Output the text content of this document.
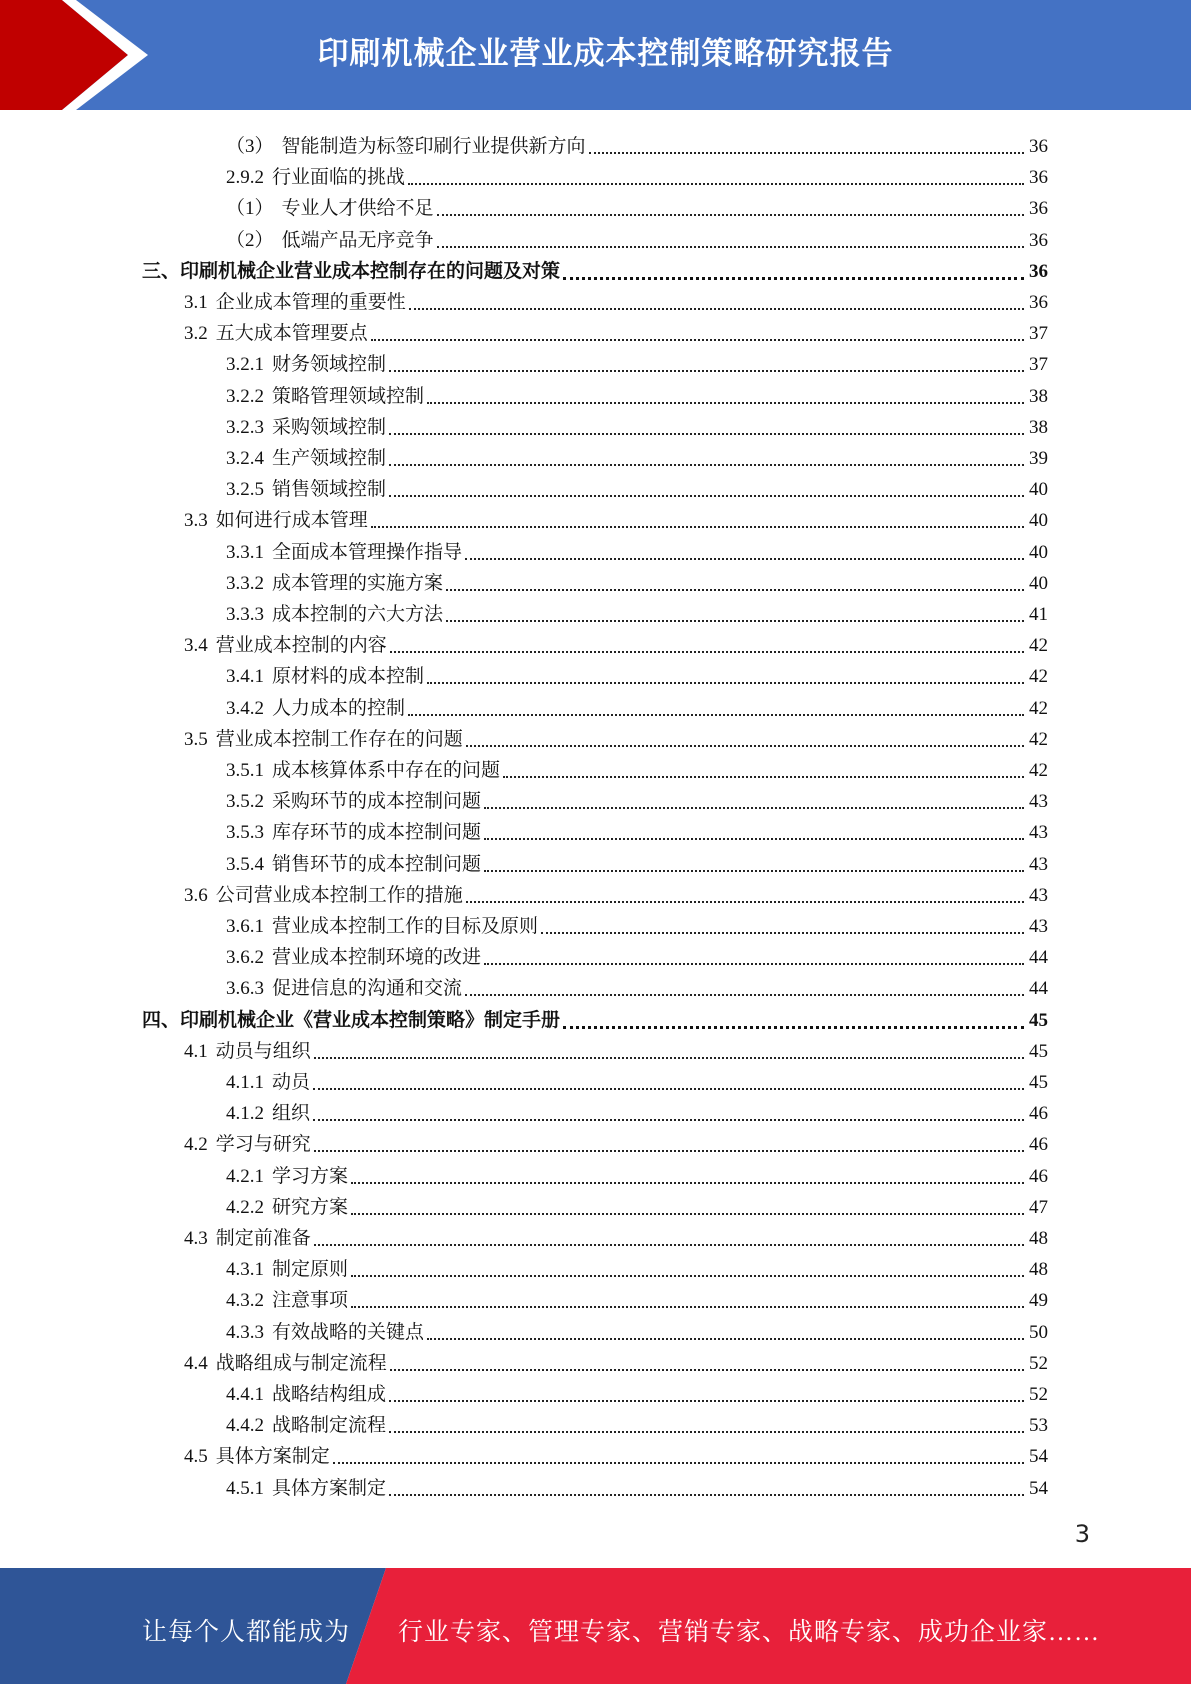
印刷机械企业营业成本控制策略研究报告
（3） 智能制造为标签印刷行业提供新方向	36
2.9.2 行业面临的挑战	36
（1） 专业人才供给不足	36
（2） 低端产品无序竞争	36
三、印刷机械企业营业成本控制存在的问题及对策	36
3.1 企业成本管理的重要性	36
3.2 五大成本管理要点	37
3.2.1 财务领域控制	37
3.2.2 策略管理领域控制	38
3.2.3 采购领域控制	38
3.2.4 生产领域控制	39
3.2.5 销售领域控制	40
3.3 如何进行成本管理	40
3.3.1 全面成本管理操作指导	40
3.3.2 成本管理的实施方案	40
3.3.3 成本控制的六大方法	41
3.4 营业成本控制的内容	42
3.4.1 原材料的成本控制	42
3.4.2 人力成本的控制	42
3.5 营业成本控制工作存在的问题	42
3.5.1 成本核算体系中存在的问题	42
3.5.2 采购环节的成本控制问题	43
3.5.3 库存环节的成本控制问题	43
3.5.4 销售环节的成本控制问题	43
3.6 公司营业成本控制工作的措施	43
3.6.1 营业成本控制工作的目标及原则	43
3.6.2 营业成本控制环境的改进	44
3.6.3 促进信息的沟通和交流	44
四、印刷机械企业《营业成本控制策略》制定手册	45
4.1 动员与组织	45
4.1.1 动员	45
4.1.2 组织	46
4.2 学习与研究	46
4.2.1 学习方案	46
4.2.2 研究方案	47
4.3 制定前准备	48
4.3.1 制定原则	48
4.3.2 注意事项	49
4.3.3 有效战略的关键点	50
4.4 战略组成与制定流程	52
4.4.1 战略结构组成	52
4.4.2 战略制定流程	53
4.5 具体方案制定	54
4.5.1 具体方案制定	54
3
让每个人都能成为 行业专家、管理专家、营销专家、战略专家、成功企业家……
